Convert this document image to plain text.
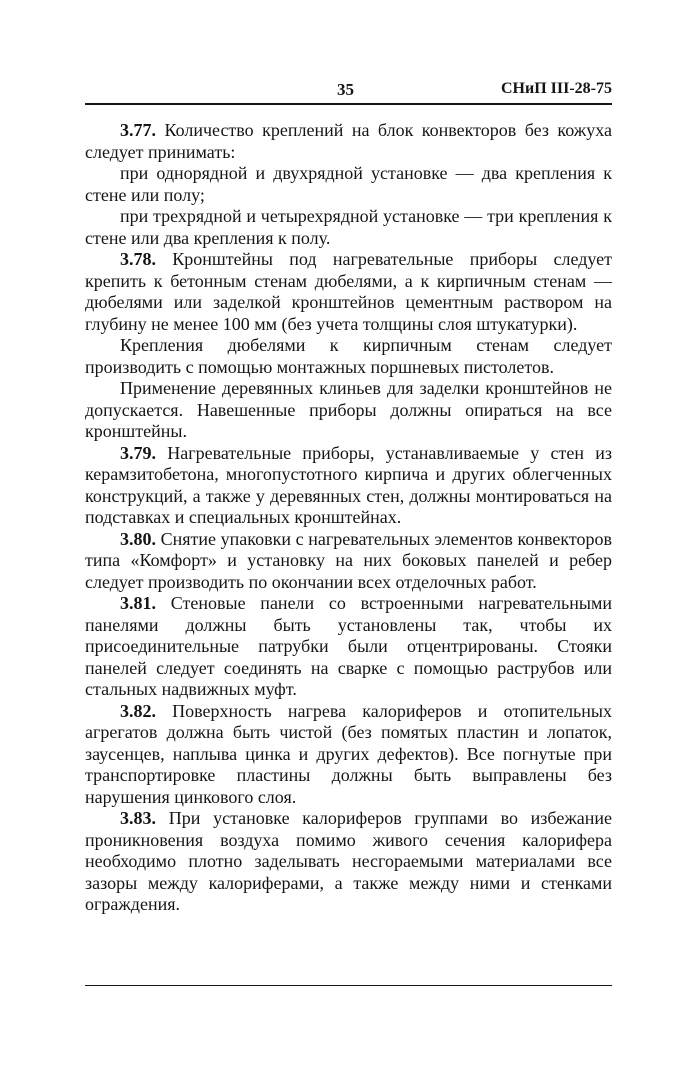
35	СНиП III-28-75

3.77. Количество креплений на блок конвекторов без кожуха следует принимать:

при однорядной и двухрядной установке — два крепления к стене или полу;

при трехрядной и четырехрядной установке — три крепления к стене или два крепления к полу.

3.78. Кронштейны под нагревательные приборы следует крепить к бетонным стенам дюбелями, а к кирпичным стенам — дюбелями или заделкой кронштейнов цементным раствором на глубину не менее 100 мм (без учета толщины слоя штукатурки).

Крепления дюбелями к кирпичным стенам следует производить с помощью монтажных поршневых пистолетов.

Применение деревянных клиньев для заделки кронштейнов не допускается. Навешенные приборы должны опираться на все кронштейны.

3.79. Нагревательные приборы, устанавливаемые у стен из керамзитобетона, многопустотного кирпича и других облегченных конструкций, а также у деревянных стен, должны монтироваться на подставках и специальных кронштейнах.

3.80. Снятие упаковки с нагревательных элементов конвекторов типа «Комфорт» и установку на них боковых панелей и ребер следует производить по окончании всех отделочных работ.

3.81. Стеновые панели со встроенными нагревательными панелями должны быть установлены так, чтобы их присоединительные патрубки были отцентрированы. Стояки панелей следует соединять на сварке с помощью раструбов или стальных надвижных муфт.

3.82. Поверхность нагрева калориферов и отопительных агрегатов должна быть чистой (без помятых пластин и лопаток, заусенцев, наплыва цинка и других дефектов). Все погнутые при транспортировке пластины должны быть выправлены без нарушения цинкового слоя.

3.83. При установке калориферов группами во избежание проникновения воздуха помимо живого сечения калорифера необходимо плотно заделывать несгораемыми материалами все зазоры между калориферами, а также между ними и стенками ограждения.
